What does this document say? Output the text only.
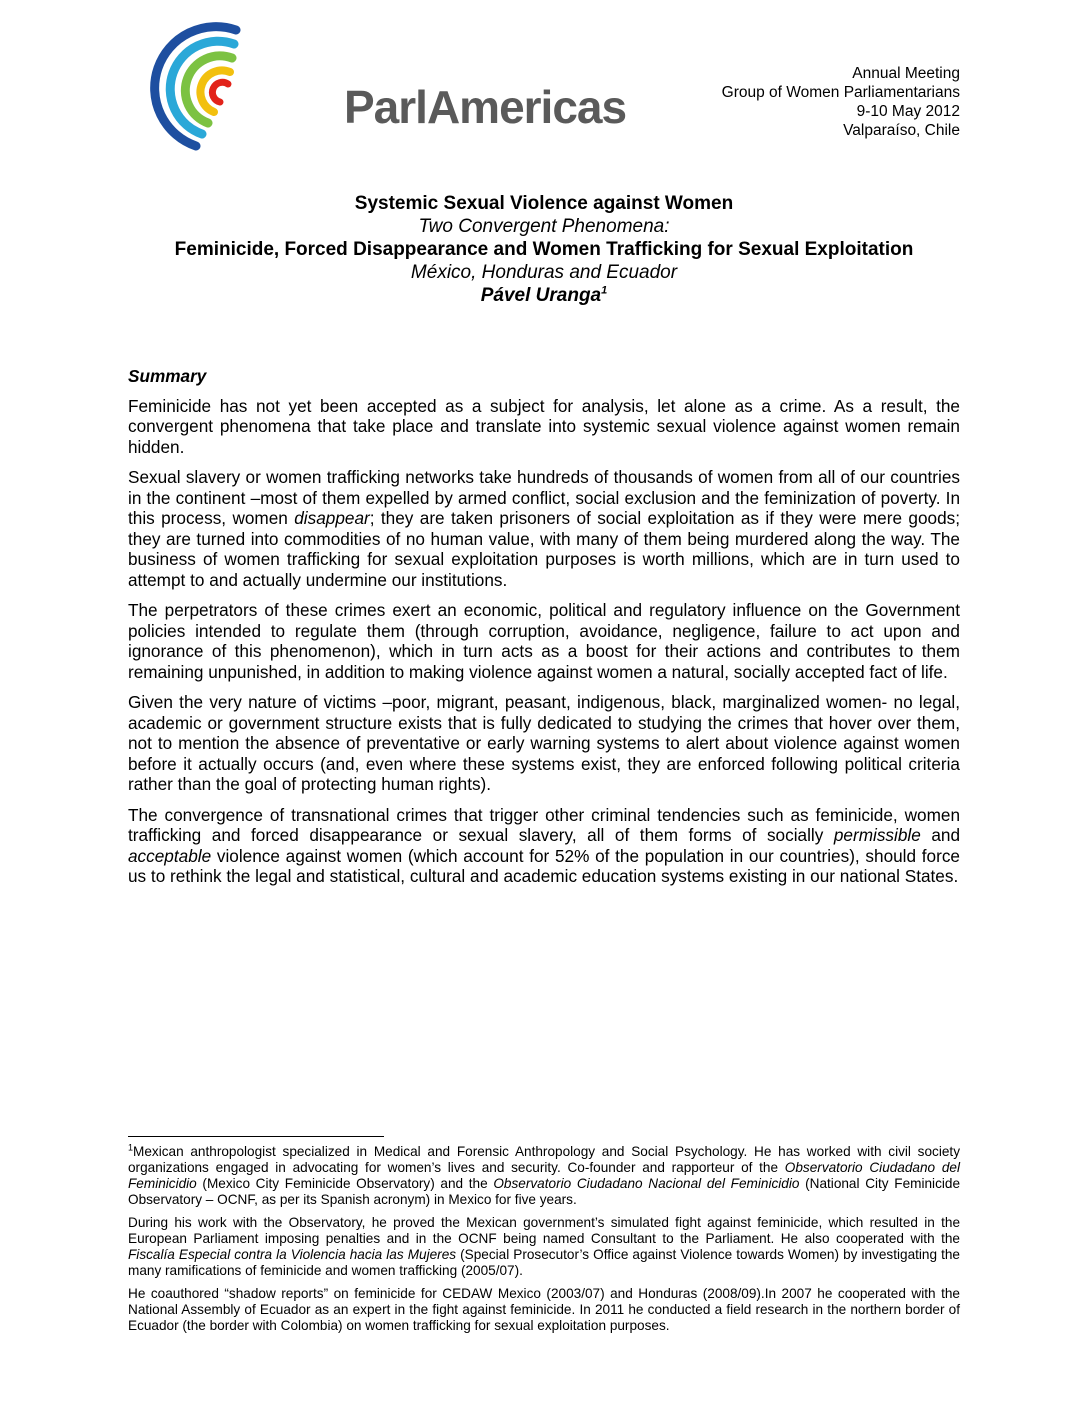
ParlAmericas
Annual Meeting
Group of Women Parliamentarians
9-10 May 2012
Valparaíso, Chile
Systemic Sexual Violence against Women
Two Convergent Phenomena:
Feminicide, Forced Disappearance and Women Trafficking for Sexual Exploitation
México, Honduras and Ecuador
Pável Uranga$^1$
Summary

Feminicide has not yet been accepted as a subject for analysis, let alone as a crime. As a result, the convergent phenomena that take place and translate into systemic sexual violence against women remain hidden.

Sexual slavery or women trafficking networks take hundreds of thousands of women from all of our countries in the continent –most of them expelled by armed conflict, social exclusion and the feminization of poverty. In this process, women disappear; they are taken prisoners of social exploitation as if they were mere goods; they are turned into commodities of no human value, with many of them being murdered along the way. The business of women trafficking for sexual exploitation purposes is worth millions, which are in turn used to attempt to and actually undermine our institutions.

The perpetrators of these crimes exert an economic, political and regulatory influence on the Government policies intended to regulate them (through corruption, avoidance, negligence, failure to act upon and ignorance of this phenomenon), which in turn acts as a boost for their actions and contributes to them remaining unpunished, in addition to making violence against women a natural, socially accepted fact of life.

Given the very nature of victims –poor, migrant, peasant, indigenous, black, marginalized women- no legal, academic or government structure exists that is fully dedicated to studying the crimes that hover over them, not to mention the absence of preventative or early warning systems to alert about violence against women before it actually occurs (and, even where these systems exist, they are enforced following political criteria rather than the goal of protecting human rights).

The convergence of transnational crimes that trigger other criminal tendencies such as feminicide, women trafficking and forced disappearance or sexual slavery, all of them forms of socially permissible and acceptable violence against women (which account for 52% of the population in our countries), should force us to rethink the legal and statistical, cultural and academic education systems existing in our national States.

$^1$Mexican anthropologist specialized in Medical and Forensic Anthropology and Social Psychology. He has worked with civil society organizations engaged in advocating for women’s lives and security. Co-founder and rapporteur of the Observatorio Ciudadano del Feminicidio (Mexico City Feminicide Observatory) and the Observatorio Ciudadano Nacional del Feminicidio (National City Feminicide Observatory – OCNF, as per its Spanish acronym) in Mexico for five years.

During his work with the Observatory, he proved the Mexican government’s simulated fight against feminicide, which resulted in the European Parliament imposing penalties and in the OCNF being named Consultant to the Parliament. He also cooperated with the Fiscalía Especial contra la Violencia hacia las Mujeres (Special Prosecutor’s Office against Violence towards Women) by investigating the many ramifications of feminicide and women trafficking (2005/07).

He coauthored “shadow reports” on feminicide for CEDAW Mexico (2003/07) and Honduras (2008/09).In 2007 he cooperated with the National Assembly of Ecuador as an expert in the fight against feminicide. In 2011 he conducted a field research in the northern border of Ecuador (the border with Colombia) on women trafficking for sexual exploitation purposes.
